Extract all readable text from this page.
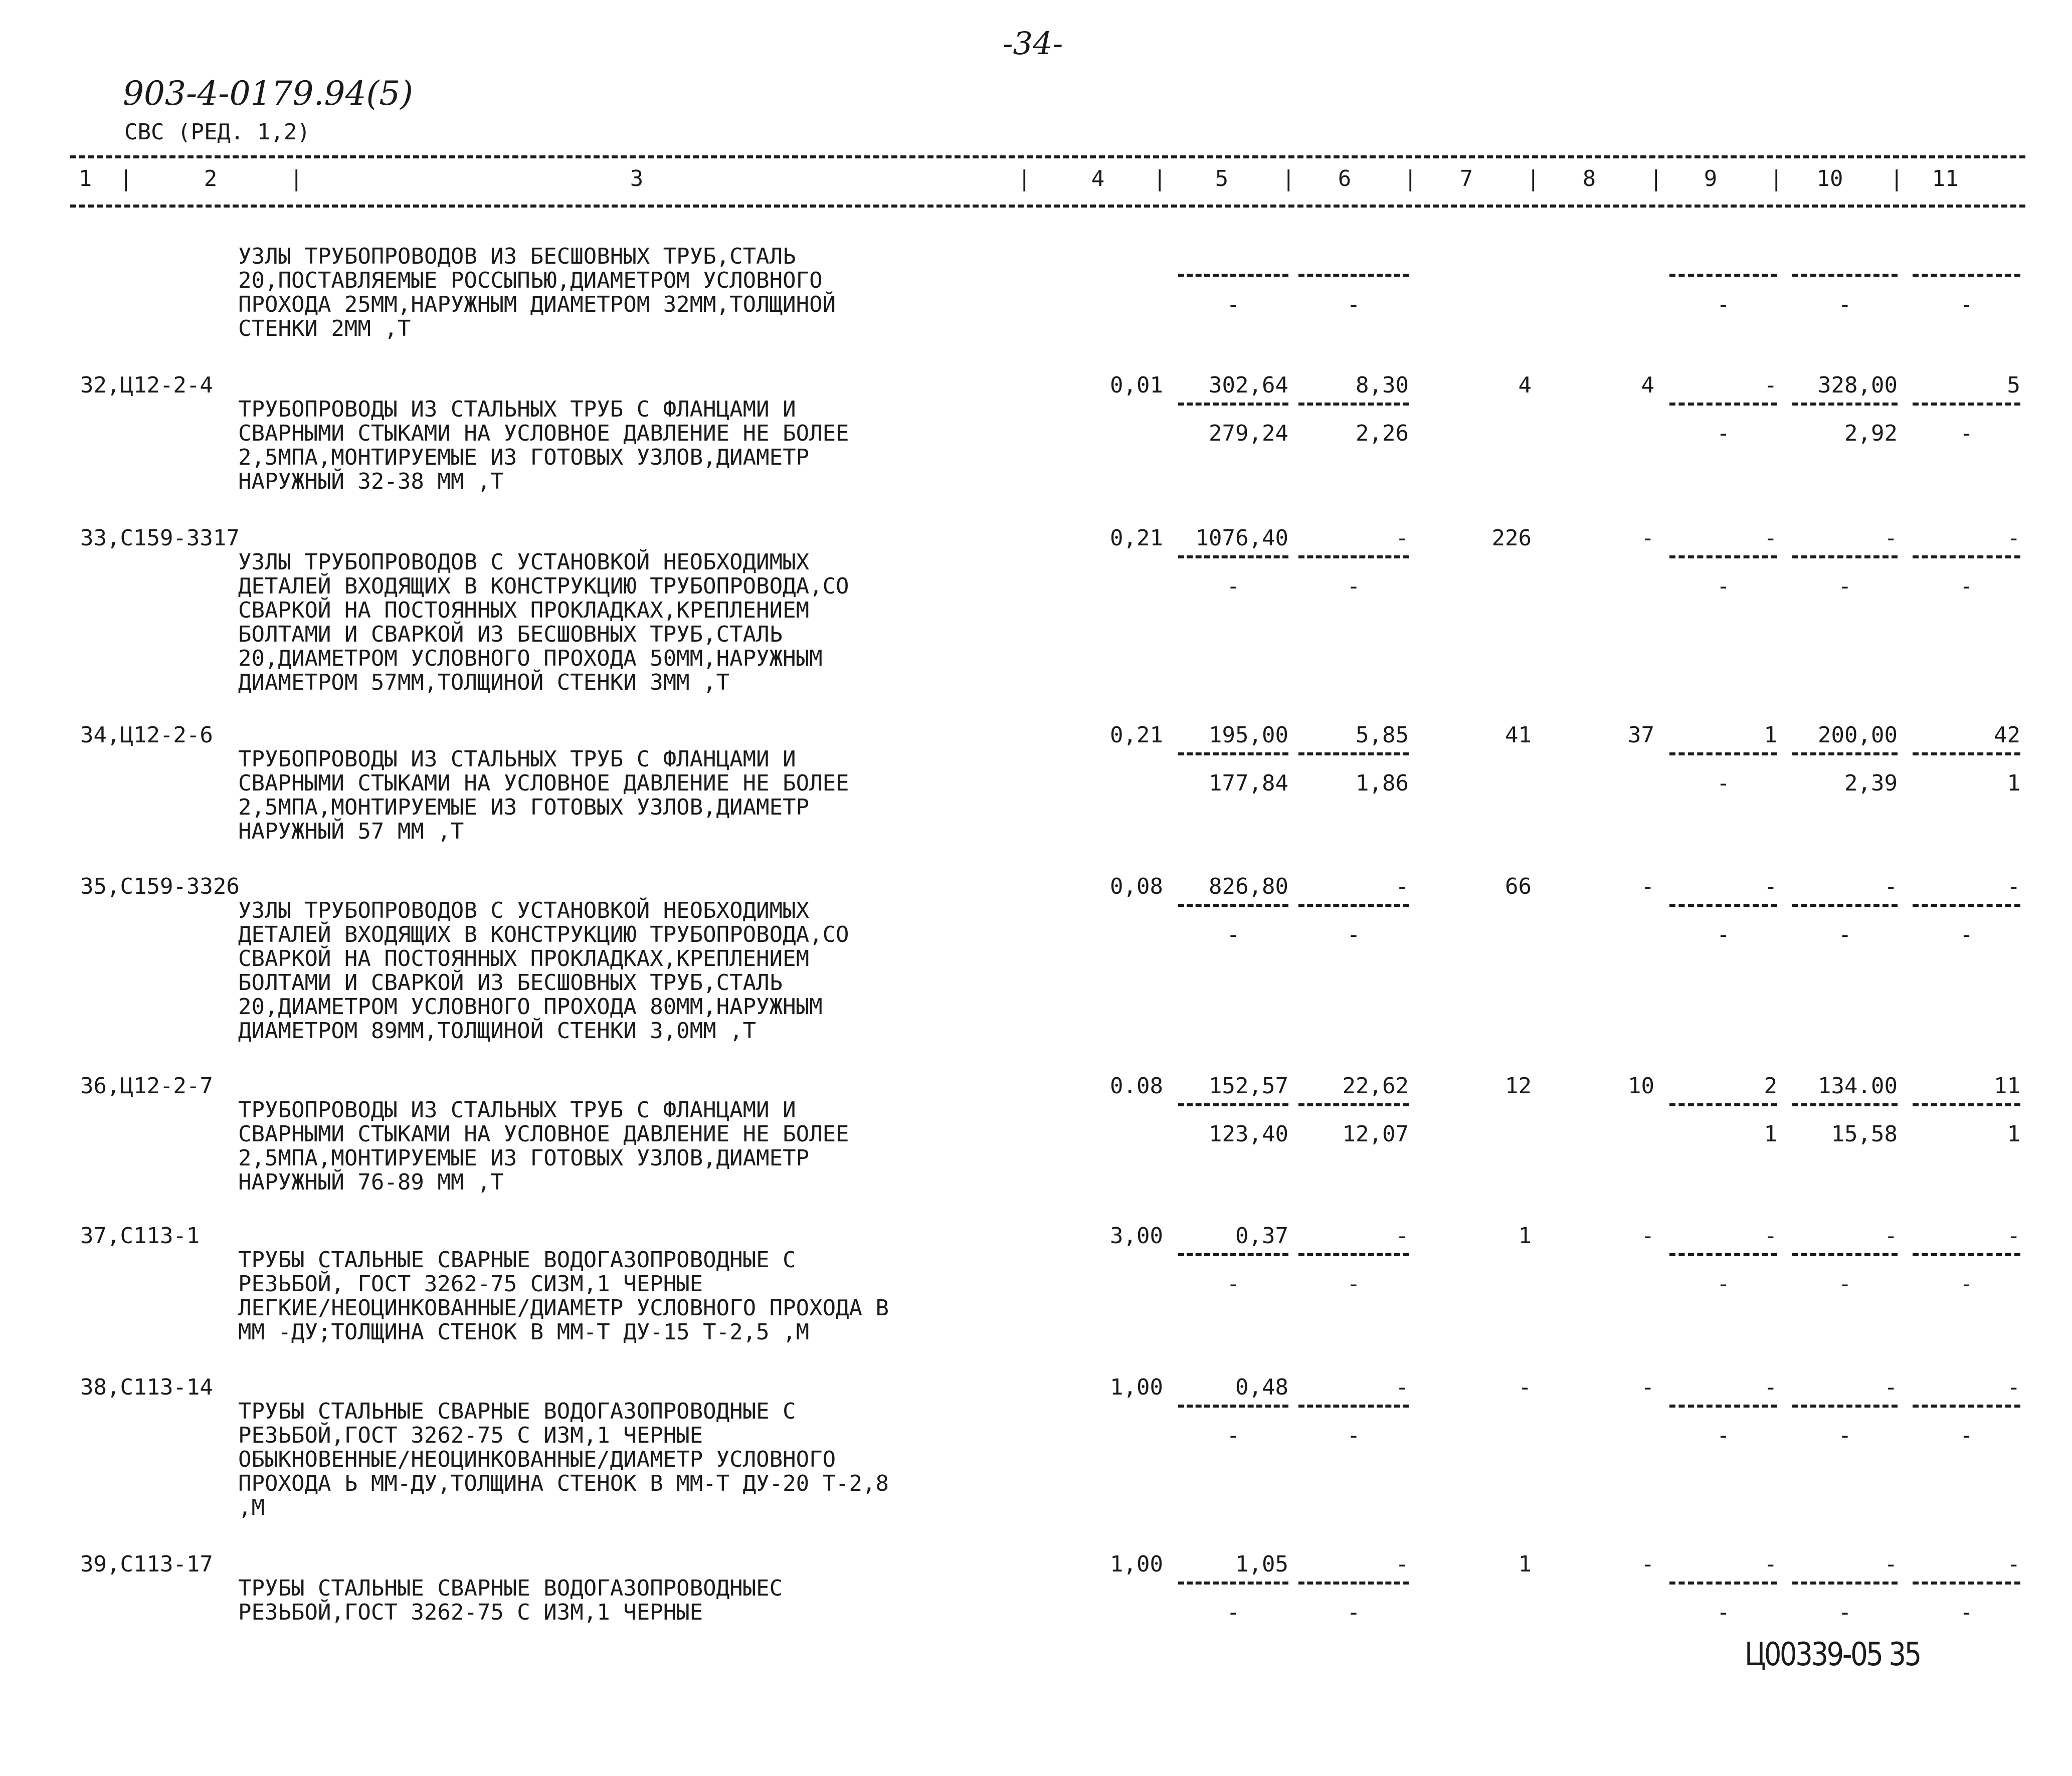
-34-
903-4-0179.94(5)
СВС (РЕД. 1,2)
1	2	3	4	5	6	7	8	9	10	11
|	|	|	|	|	|	|	|	|	|
УЗЛЫ ТРУБОПРОВОДОВ ИЗ БЕСШОВНЫХ ТРУБ,СТАЛЬ
20,ПОСТАВЛЯЕМЫЕ РОССЫПЬЮ,ДИАМЕТРОМ УСЛОВНОГО
ПРОХОДА 25ММ,НАРУЖНЫМ ДИАМЕТРОМ 32ММ,ТОЛЩИНОЙ
СТЕНКИ 2ММ ,Т
-	-	-	-	-
32,Ц12-2-4
ТРУБОПРОВОДЫ ИЗ СТАЛЬНЫХ ТРУБ С ФЛАНЦАМИ И
СВАРНЫМИ СТЫКАМИ НА УСЛОВНОЕ ДАВЛЕНИЕ НЕ БОЛЕЕ
2,5МПА,МОНТИРУЕМЫЕ ИЗ ГОТОВЫХ УЗЛОВ,ДИАМЕТР
НАРУЖНЫЙ 32-38 ММ ,Т
0,01	302,64	8,30	4	4	-	328,00	5
279,24	2,26	-	2,92	-
33,С159-3317
УЗЛЫ ТРУБОПРОВОДОВ С УСТАНОВКОЙ НЕОБХОДИМЫХ
ДЕТАЛЕЙ ВХОДЯЩИХ В КОНСТРУКЦИЮ ТРУБОПРОВОДА,СО
СВАРКОЙ НА ПОСТОЯННЫХ ПРОКЛАДКАХ,КРЕПЛЕНИЕМ
БОЛТАМИ И СВАРКОЙ ИЗ БЕСШОВНЫХ ТРУБ,СТАЛЬ
20,ДИАМЕТРОМ УСЛОВНОГО ПРОХОДА 50ММ,НАРУЖНЫМ
ДИАМЕТРОМ 57ММ,ТОЛЩИНОЙ СТЕНКИ 3ММ ,Т
0,21	1076,40	-	226	-	-	-	-
-	-	-	-	-
34,Ц12-2-6
ТРУБОПРОВОДЫ ИЗ СТАЛЬНЫХ ТРУБ С ФЛАНЦАМИ И
СВАРНЫМИ СТЫКАМИ НА УСЛОВНОЕ ДАВЛЕНИЕ НЕ БОЛЕЕ
2,5МПА,МОНТИРУЕМЫЕ ИЗ ГОТОВЫХ УЗЛОВ,ДИАМЕТР
НАРУЖНЫЙ 57 ММ ,Т
0,21	195,00	5,85	41	37	1	200,00	42
177,84	1,86	-	2,39	1
35,С159-3326
УЗЛЫ ТРУБОПРОВОДОВ С УСТАНОВКОЙ НЕОБХОДИМЫХ
ДЕТАЛЕЙ ВХОДЯЩИХ В КОНСТРУКЦИЮ ТРУБОПРОВОДА,СО
СВАРКОЙ НА ПОСТОЯННЫХ ПРОКЛАДКАХ,КРЕПЛЕНИЕМ
БОЛТАМИ И СВАРКОЙ ИЗ БЕСШОВНЫХ ТРУБ,СТАЛЬ
20,ДИАМЕТРОМ УСЛОВНОГО ПРОХОДА 80ММ,НАРУЖНЫМ
ДИАМЕТРОМ 89ММ,ТОЛЩИНОЙ СТЕНКИ 3,0ММ ,Т
0,08	826,80	-	66	-	-	-	-
-	-	-	-	-
36,Ц12-2-7
ТРУБОПРОВОДЫ ИЗ СТАЛЬНЫХ ТРУБ С ФЛАНЦАМИ И
СВАРНЫМИ СТЫКАМИ НА УСЛОВНОЕ ДАВЛЕНИЕ НЕ БОЛЕЕ
2,5МПА,МОНТИРУЕМЫЕ ИЗ ГОТОВЫХ УЗЛОВ,ДИАМЕТР
НАРУЖНЫЙ 76-89 ММ ,Т
0.08	152,57	22,62	12	10	2	134.00	11
123,40	12,07	1	15,58	1
37,С113-1
ТРУБЫ СТАЛЬНЫЕ СВАРНЫЕ ВОДОГАЗОПРОВОДНЫЕ С
РЕЗЬБОЙ, ГОСТ 3262-75 СИЗМ,1 ЧЕРНЫЕ
ЛЕГКИЕ/НЕОЦИНКОВАННЫЕ/ДИАМЕТР УСЛОВНОГО ПРОХОДА В
ММ -ДУ;ТОЛЩИНА СТЕНОК В ММ-Т ДУ-15 Т-2,5 ,М
3,00	0,37	-	1	-	-	-	-
-	-	-	-	-
38,С113-14
ТРУБЫ СТАЛЬНЫЕ СВАРНЫЕ ВОДОГАЗОПРОВОДНЫЕ С
РЕЗЬБОЙ,ГОСТ 3262-75 С ИЗМ,1 ЧЕРНЫЕ
ОБЫКНОВЕННЫЕ/НЕОЦИНКОВАННЫЕ/ДИАМЕТР УСЛОВНОГО
ПРОХОДА Ь ММ-ДУ,ТОЛЩИНА СТЕНОК В ММ-Т ДУ-20 Т-2,8
,М
1,00	0,48	-	-	-	-	-	-
-	-	-	-	-
39,С113-17
ТРУБЫ СТАЛЬНЫЕ СВАРНЫЕ ВОДОГАЗОПРОВОДНЫЕС
РЕЗЬБОЙ,ГОСТ 3262-75 С ИЗМ,1 ЧЕРНЫЕ
1,00	1,05	-	1	-	-	-	-
-	-	-	-	-
Ц00339-05 35
